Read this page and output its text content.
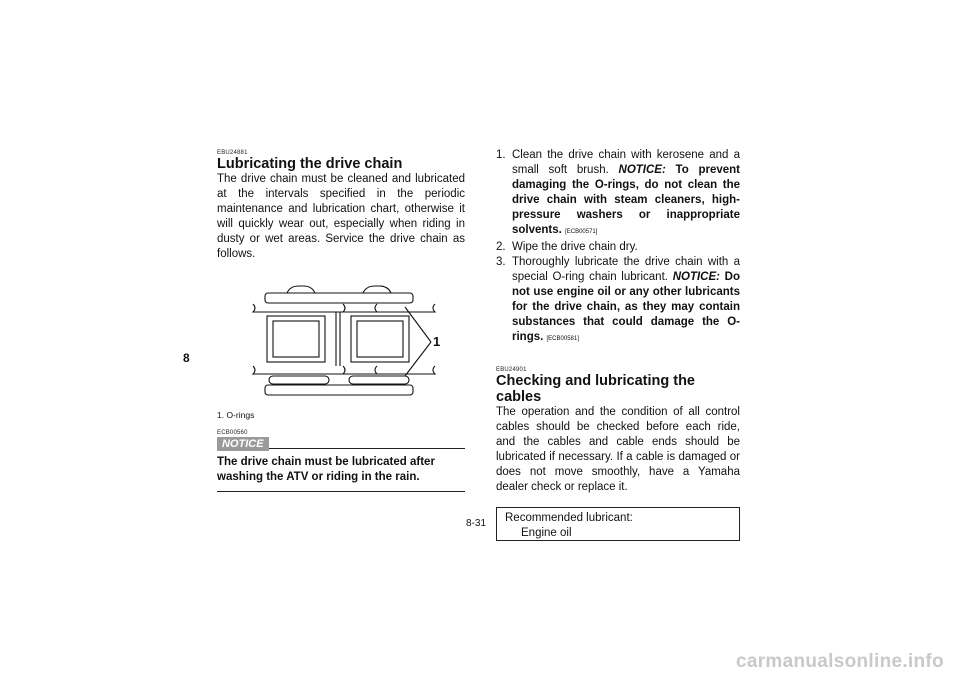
8
EBU24881
Lubricating the drive chain
The drive chain must be cleaned and lubricated at the intervals specified in the periodic maintenance and lubrication chart, otherwise it will quickly wear out, especially when riding in dusty or wet areas. Service the drive chain as follows.
1
1. O-rings
ECB00560
NOTICE
The drive chain must be lubricated after washing the ATV or riding in the rain.
1. Clean the drive chain with kerosene and a small soft brush. NOTICE: To prevent damaging the O-rings, do not clean the drive chain with steam cleaners, high-pressure washers or inappropriate solvents. [ECB00571]
2. Wipe the drive chain dry.
3. Thoroughly lubricate the drive chain with a special O-ring chain lubricant. NOTICE: Do not use engine oil or any other lubricants for the drive chain, as they may contain substances that could damage the O-rings. [ECB00581]
EBU24901
Checking and lubricating the cables
The operation and the condition of all control cables should be checked before each ride, and the cables and cable ends should be lubricated if necessary. If a cable is damaged or does not move smoothly, have a Yamaha dealer check or replace it.
Recommended lubricant:
Engine oil
8-31
carmanualsonline.info
